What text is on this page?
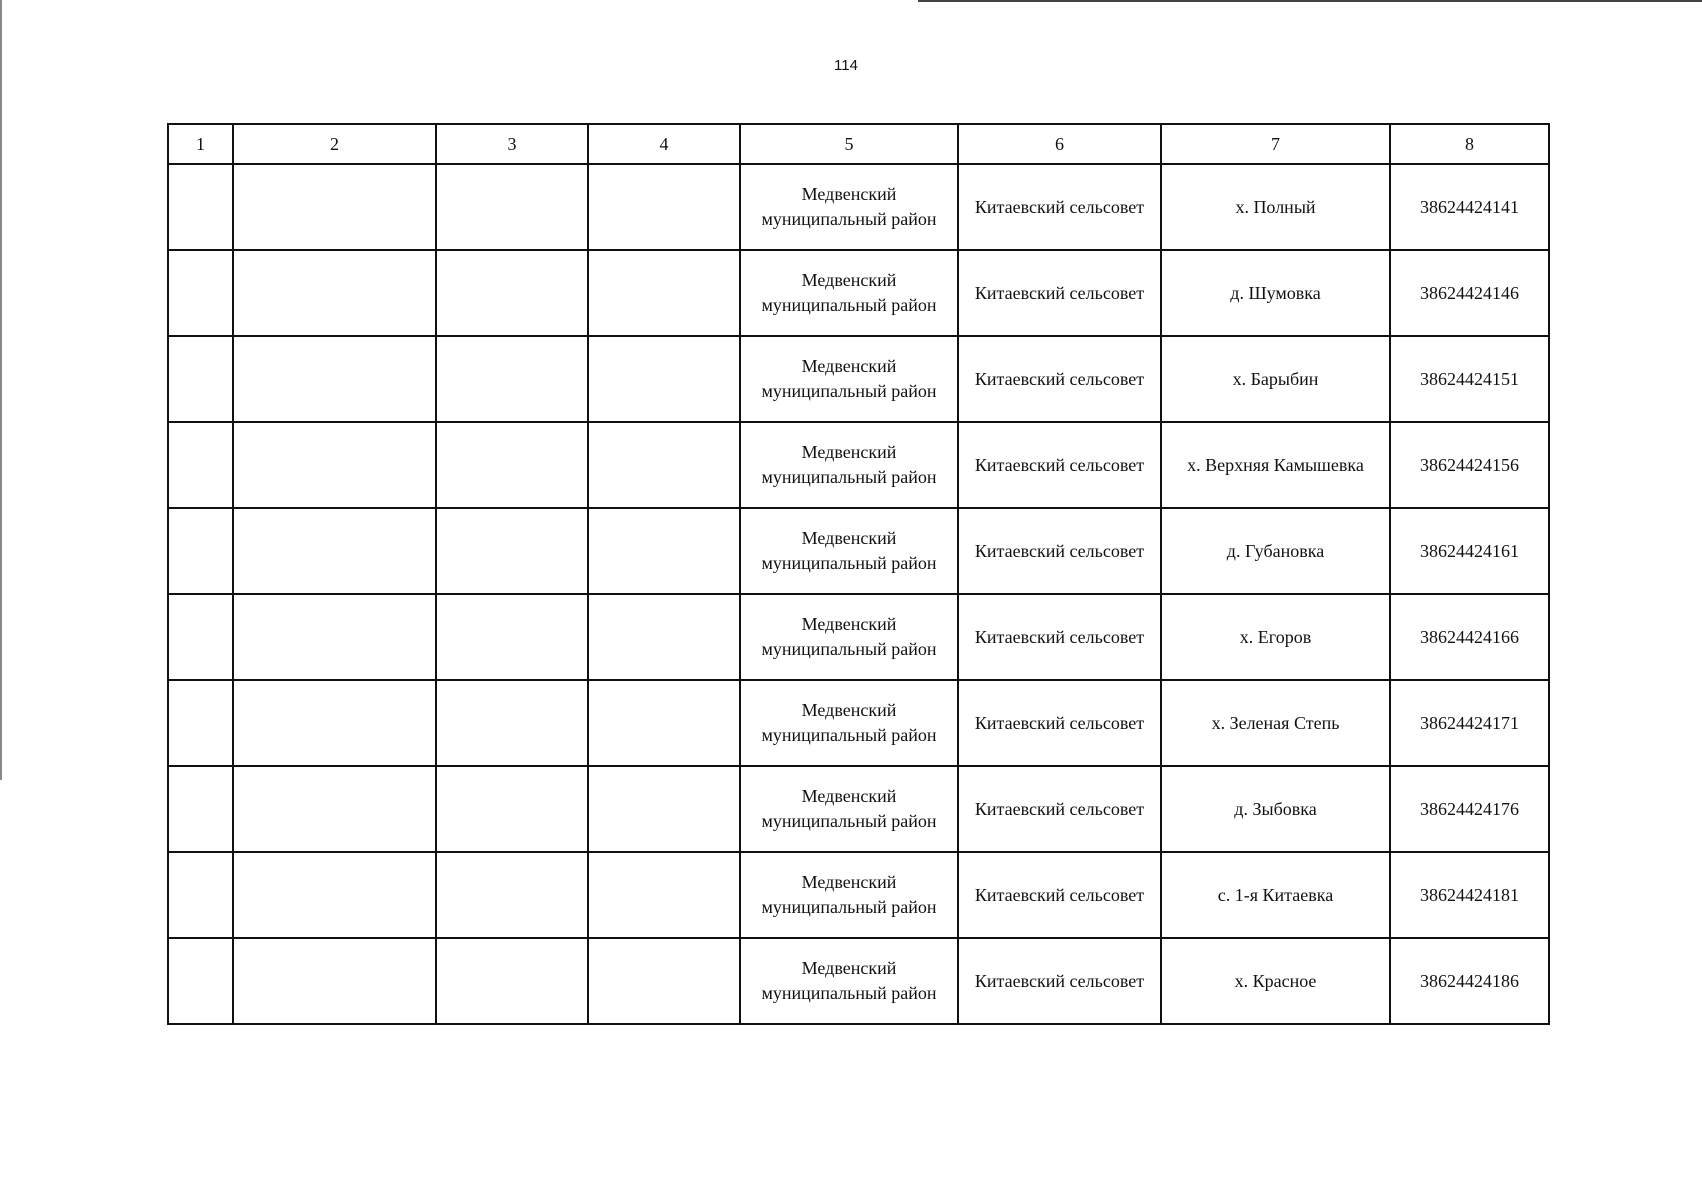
114
1	2	3	4	5	6	7	8
				Медвенский муниципальный район	Китаевский сельсовет	х. Полный	38624424141
				Медвенский муниципальный район	Китаевский сельсовет	д. Шумовка	38624424146
				Медвенский муниципальный район	Китаевский сельсовет	х. Барыбин	38624424151
				Медвенский муниципальный район	Китаевский сельсовет	х. Верхняя Камышевка	38624424156
				Медвенский муниципальный район	Китаевский сельсовет	д. Губановка	38624424161
				Медвенский муниципальный район	Китаевский сельсовет	х. Егоров	38624424166
				Медвенский муниципальный район	Китаевский сельсовет	х. Зеленая Степь	38624424171
				Медвенский муниципальный район	Китаевский сельсовет	д. Зыбовка	38624424176
				Медвенский муниципальный район	Китаевский сельсовет	с. 1-я Китаевка	38624424181
				Медвенский муниципальный район	Китаевский сельсовет	х. Красное	38624424186
